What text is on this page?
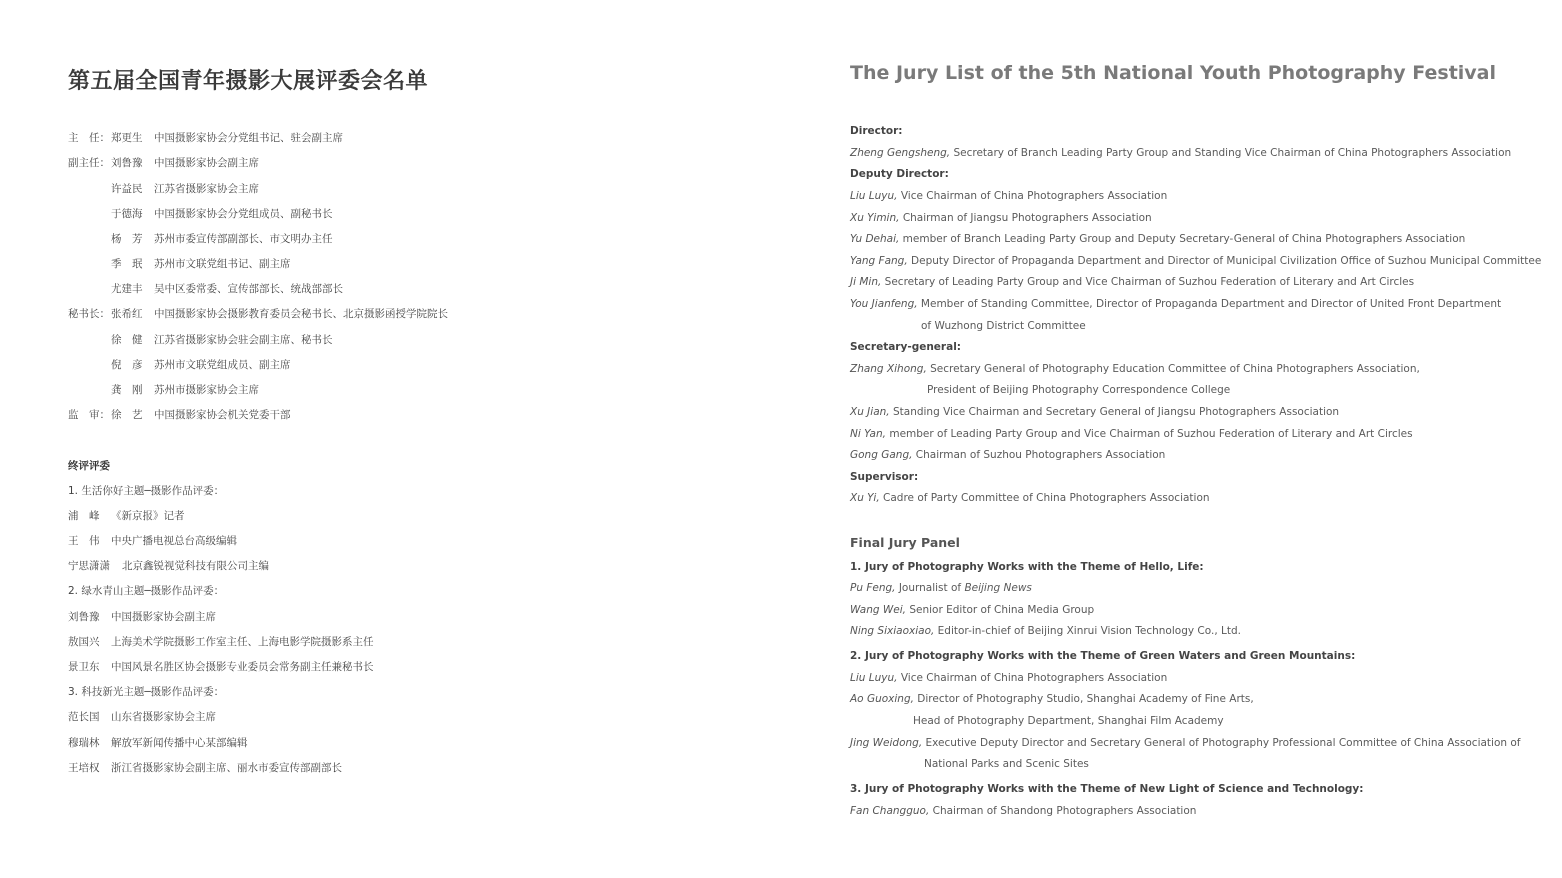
第五届全国青年摄影大展评委会名单
主　任：郑更生 中国摄影家协会分党组书记、驻会副主席
副主任：刘鲁豫 中国摄影家协会副主席
许益民 江苏省摄影家协会主席
于德海 中国摄影家协会分党组成员、副秘书长
杨　芳 苏州市委宣传部副部长、市文明办主任
季　珉 苏州市文联党组书记、副主席
尤建丰 吴中区委常委、宣传部部长、统战部部长
秘书长：张希红 中国摄影家协会摄影教育委员会秘书长、北京摄影函授学院院长
徐　健 江苏省摄影家协会驻会副主席、秘书长
倪　彦 苏州市文联党组成员、副主席
龚　刚 苏州市摄影家协会主席
监　审：徐　艺 中国摄影家协会机关党委干部
终评评委
1. 生活你好主题─摄影作品评委：
浦　峰 《新京报》记者
王　伟 中央广播电视总台高级编辑
宁思潇潇 北京鑫锐视觉科技有限公司主编
2. 绿水青山主题─摄影作品评委：
刘鲁豫 中国摄影家协会副主席
敖国兴 上海美术学院摄影工作室主任、上海电影学院摄影系主任
景卫东 中国风景名胜区协会摄影专业委员会常务副主任兼秘书长
3. 科技新光主题─摄影作品评委：
范长国 山东省摄影家协会主席
穆瑞林 解放军新闻传播中心某部编辑
王培权 浙江省摄影家协会副主席、丽水市委宣传部副部长
The Jury List of the 5th National Youth Photography Festival
Director:
Zheng Gengsheng, Secretary of Branch Leading Party Group and Standing Vice Chairman of China Photographers Association
Deputy Director:
Liu Luyu, Vice Chairman of China Photographers Association
Xu Yimin, Chairman of Jiangsu Photographers Association
Yu Dehai, member of Branch Leading Party Group and Deputy Secretary-General of China Photographers Association
Yang Fang, Deputy Director of Propaganda Department and Director of Municipal Civilization Office of Suzhou Municipal Committee
Ji Min, Secretary of Leading Party Group and Vice Chairman of Suzhou Federation of Literary and Art Circles
You Jianfeng, Member of Standing Committee, Director of Propaganda Department and Director of United Front Department
of Wuzhong District Committee
Secretary-general:
Zhang Xihong, Secretary General of Photography Education Committee of China Photographers Association,
President of Beijing Photography Correspondence College
Xu Jian, Standing Vice Chairman and Secretary General of Jiangsu Photographers Association
Ni Yan, member of Leading Party Group and Vice Chairman of Suzhou Federation of Literary and Art Circles
Gong Gang, Chairman of Suzhou Photographers Association
Supervisor:
Xu Yi, Cadre of Party Committee of China Photographers Association
Final Jury Panel
1. Jury of Photography Works with the Theme of Hello, Life:
Pu Feng, Journalist of Beijing News
Wang Wei, Senior Editor of China Media Group
Ning Sixiaoxiao, Editor-in-chief of Beijing Xinrui Vision Technology Co., Ltd.
2. Jury of Photography Works with the Theme of Green Waters and Green Mountains:
Liu Luyu, Vice Chairman of China Photographers Association
Ao Guoxing, Director of Photography Studio, Shanghai Academy of Fine Arts,
Head of Photography Department, Shanghai Film Academy
Jing Weidong, Executive Deputy Director and Secretary General of Photography Professional Committee of China Association of
National Parks and Scenic Sites
3. Jury of Photography Works with the Theme of New Light of Science and Technology:
Fan Changguo, Chairman of Shandong Photographers Association
